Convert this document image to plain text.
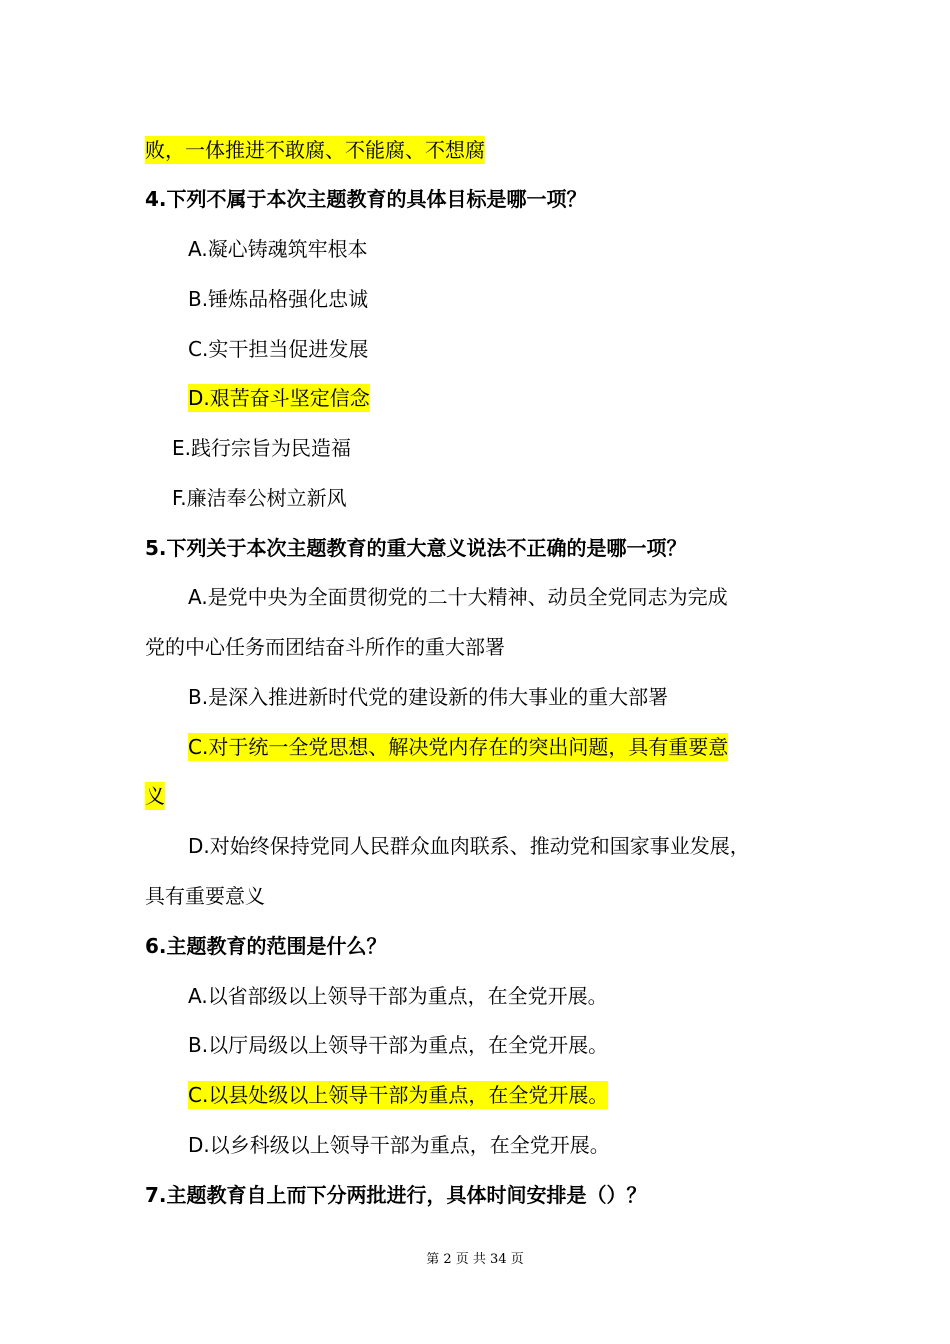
败，一体推进不敢腐、不能腐、不想腐
4.下列不属于本次主题教育的具体目标是哪一项？
A.凝心铸魂筑牢根本
B.锤炼品格强化忠诚
C.实干担当促进发展
D.艰苦奋斗坚定信念
E.践行宗旨为民造福
F.廉洁奉公树立新风
5.下列关于本次主题教育的重大意义说法不正确的是哪一项？
A.是党中央为全面贯彻党的二十大精神、动员全党同志为完成
党的中心任务而团结奋斗所作的重大部署
B.是深入推进新时代党的建设新的伟大事业的重大部署
C.对于统一全党思想、解决党内存在的突出问题，具有重要意
义
D.对始终保持党同人民群众血肉联系、推动党和国家事业发展，
具有重要意义
6.主题教育的范围是什么？
A.以省部级以上领导干部为重点，在全党开展。
B.以厅局级以上领导干部为重点，在全党开展。
C.以县处级以上领导干部为重点，在全党开展。
D.以乡科级以上领导干部为重点，在全党开展。
7.主题教育自上而下分两批进行，具体时间安排是（）？
第 2 页 共 34 页
